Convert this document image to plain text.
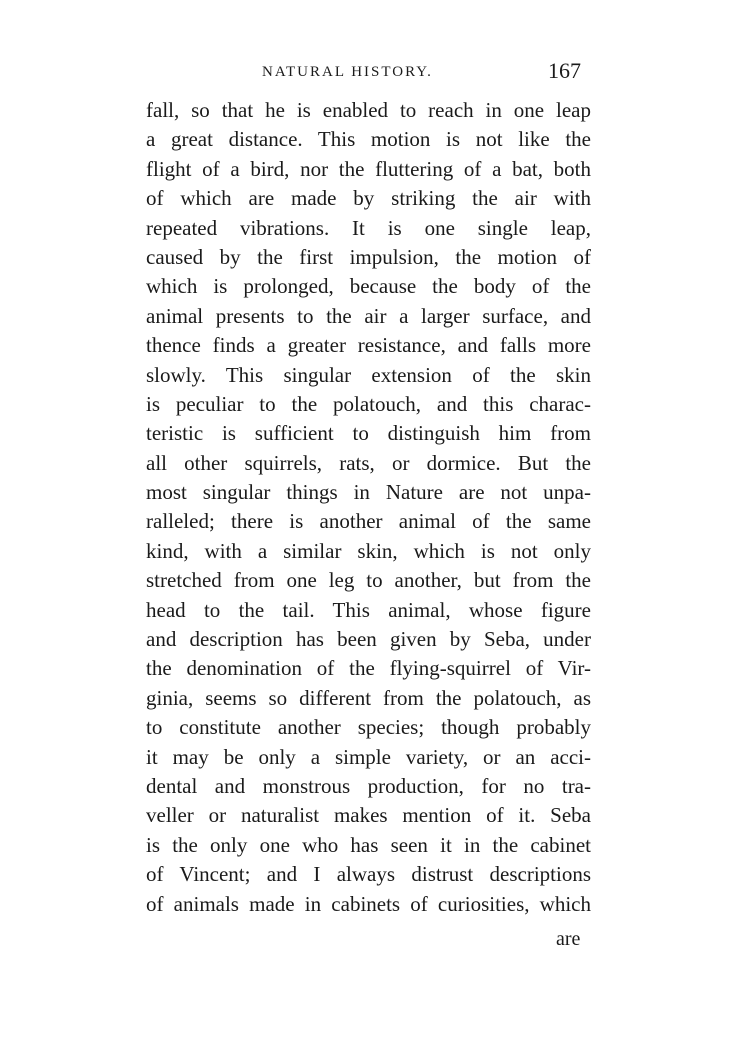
NATURAL HISTORY.	167
fall, so that he is enabled to reach in one leap
a great distance. This motion is not like the
flight of a bird, nor the fluttering of a bat, both
of which are made by striking the air with
repeated vibrations. It is one single leap,
caused by the first impulsion, the motion of
which is prolonged, because the body of the
animal presents to the air a larger surface, and
thence finds a greater resistance, and falls more
slowly. This singular extension of the skin
is peculiar to the polatouch, and this charac-
teristic is sufficient to distinguish him from
all other squirrels, rats, or dormice. But the
most singular things in Nature are not unpa-
ralleled; there is another animal of the same
kind, with a similar skin, which is not only
stretched from one leg to another, but from the
head to the tail. This animal, whose figure
and description has been given by Seba, under
the denomination of the flying-squirrel of Vir-
ginia, seems so different from the polatouch, as
to constitute another species; though probably
it may be only a simple variety, or an acci-
dental and monstrous production, for no tra-
veller or naturalist makes mention of it. Seba
is the only one who has seen it in the cabinet
of Vincent; and I always distrust descriptions
of animals made in cabinets of curiosities, which
are
